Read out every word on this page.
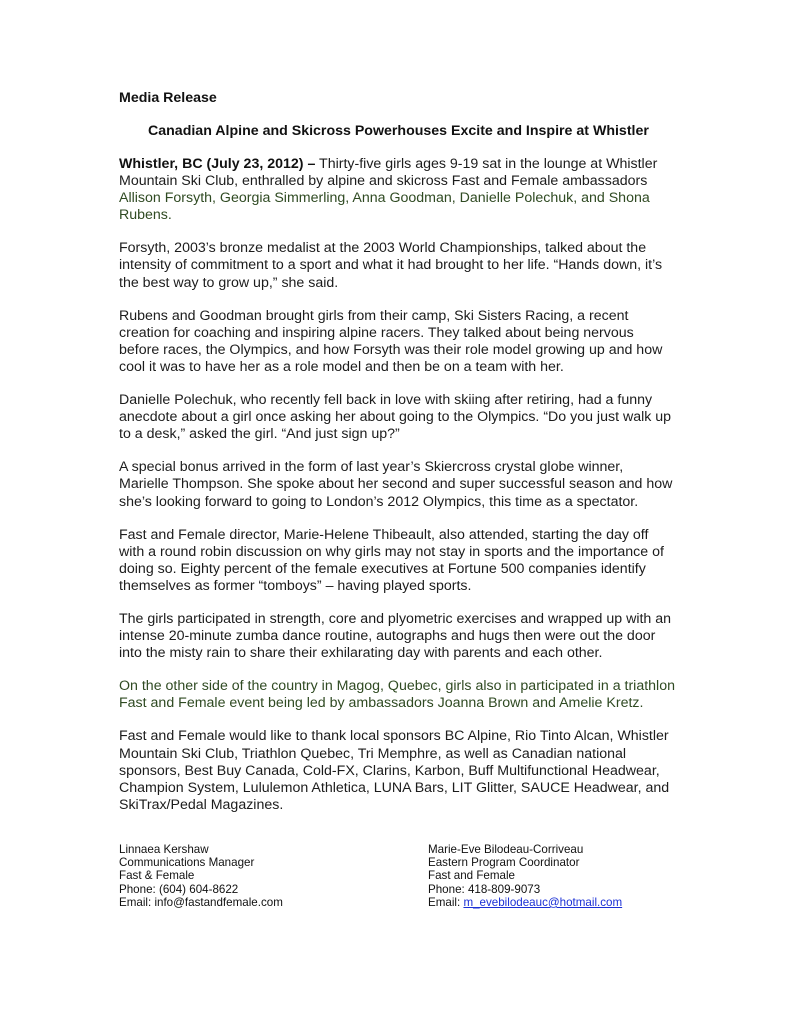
Media Release

Canadian Alpine and Skicross Powerhouses Excite and Inspire at Whistler

Whistler, BC (July 23, 2012) – Thirty-five girls ages 9-19 sat in the lounge at Whistler
Mountain Ski Club, enthralled by alpine and skicross Fast and Female ambassadors
Allison Forsyth, Georgia Simmerling, Anna Goodman, Danielle Polechuk, and Shona
Rubens.

Forsyth, 2003’s bronze medalist at the 2003 World Championships, talked about the
intensity of commitment to a sport and what it had brought to her life. “Hands down, it’s
the best way to grow up,” she said.

Rubens and Goodman brought girls from their camp, Ski Sisters Racing, a recent
creation for coaching and inspiring alpine racers. They talked about being nervous
before races, the Olympics, and how Forsyth was their role model growing up and how
cool it was to have her as a role model and then be on a team with her.

Danielle Polechuk, who recently fell back in love with skiing after retiring, had a funny
anecdote about a girl once asking her about going to the Olympics. “Do you just walk up
to a desk,” asked the girl. “And just sign up?”

A special bonus arrived in the form of last year’s Skiercross crystal globe winner,
Marielle Thompson. She spoke about her second and super successful season and how
she’s looking forward to going to London’s 2012 Olympics, this time as a spectator.

Fast and Female director, Marie-Helene Thibeault, also attended, starting the day off
with a round robin discussion on why girls may not stay in sports and the importance of
doing so. Eighty percent of the female executives at Fortune 500 companies identify
themselves as former “tomboys” – having played sports.

The girls participated in strength, core and plyometric exercises and wrapped up with an
intense 20-minute zumba dance routine, autographs and hugs then were out the door
into the misty rain to share their exhilarating day with parents and each other.

On the other side of the country in Magog, Quebec, girls also in participated in a triathlon
Fast and Female event being led by ambassadors Joanna Brown and Amelie Kretz.

Fast and Female would like to thank local sponsors BC Alpine, Rio Tinto Alcan, Whistler
Mountain Ski Club, Triathlon Quebec, Tri Memphre, as well as Canadian national
sponsors, Best Buy Canada, Cold-FX, Clarins, Karbon, Buff Multifunctional Headwear,
Champion System, Lululemon Athletica, LUNA Bars, LIT Glitter, SAUCE Headwear, and
SkiTrax/Pedal Magazines.

Linnaea Kershaw
Communications Manager
Fast & Female
Phone: (604) 604-8622
Email: info@fastandfemale.com
Marie-Eve Bilodeau-Corriveau
Eastern Program Coordinator
Fast and Female
Phone: 418-809-9073
Email: m_evebilodeauc@hotmail.com
